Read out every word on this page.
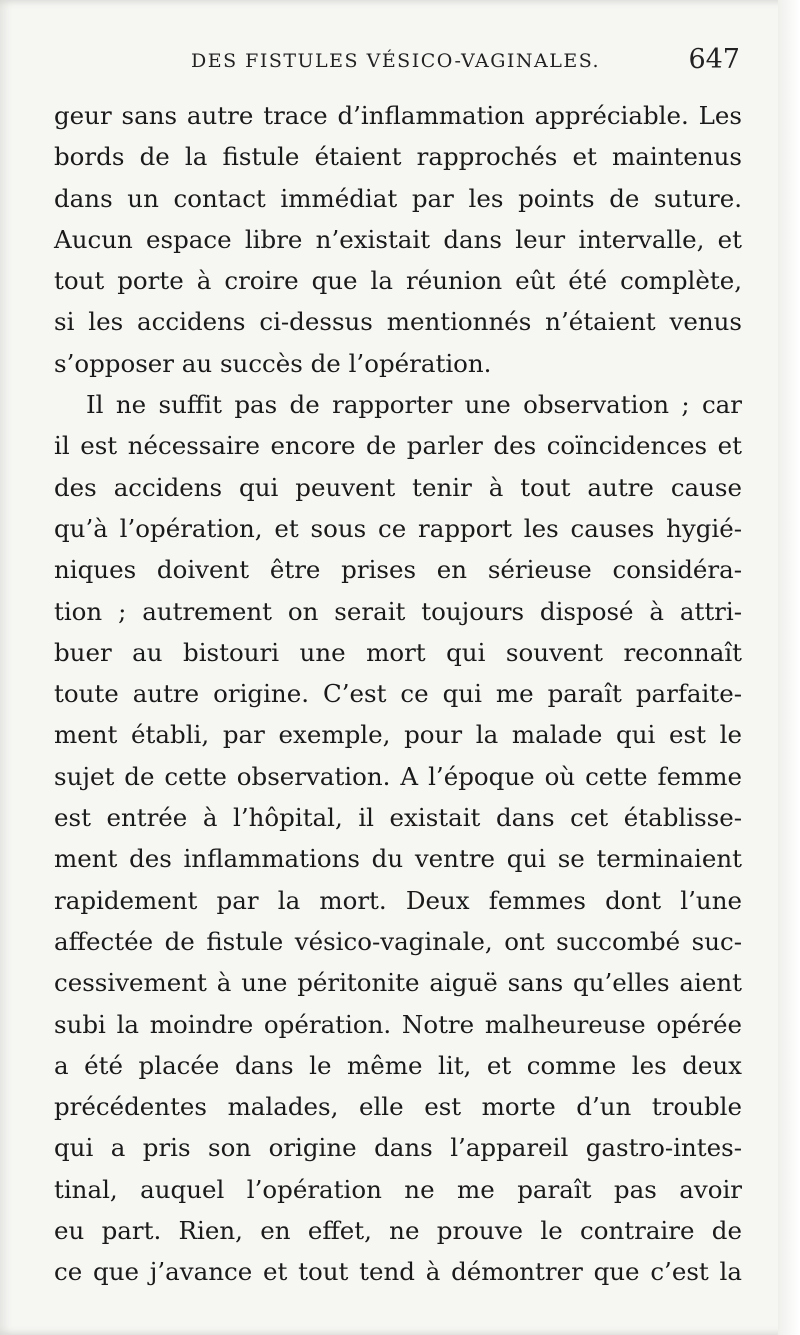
DES FISTULES VÉSICO-VAGINALES.	647
geur sans autre trace d’inflammation appréciable. Les
bords de la fistule étaient rapprochés et maintenus
dans un contact immédiat par les points de suture.
Aucun espace libre n’existait dans leur intervalle, et
tout porte à croire que la réunion eût été complète,
si les accidens ci-dessus mentionnés n’étaient venus
s’opposer au succès de l’opération.
Il ne suffit pas de rapporter une observation ; car
il est nécessaire encore de parler des coïncidences et
des accidens qui peuvent tenir à tout autre cause
qu’à l’opération, et sous ce rapport les causes hygié-
niques doivent être prises en sérieuse considéra-
tion ; autrement on serait toujours disposé à attri-
buer au bistouri une mort qui souvent reconnaît
toute autre origine. C’est ce qui me paraît parfaite-
ment établi, par exemple, pour la malade qui est le
sujet de cette observation. A l’époque où cette femme
est entrée à l’hôpital, il existait dans cet établisse-
ment des inflammations du ventre qui se terminaient
rapidement par la mort. Deux femmes dont l’une
affectée de fistule vésico-vaginale, ont succombé suc-
cessivement à une péritonite aiguë sans qu’elles aient
subi la moindre opération. Notre malheureuse opérée
a été placée dans le même lit, et comme les deux
précédentes malades, elle est morte d’un trouble
qui a pris son origine dans l’appareil gastro-intes-
tinal, auquel l’opération ne me paraît pas avoir
eu part. Rien, en effet, ne prouve le contraire de
ce que j’avance et tout tend à démontrer que c’est la
